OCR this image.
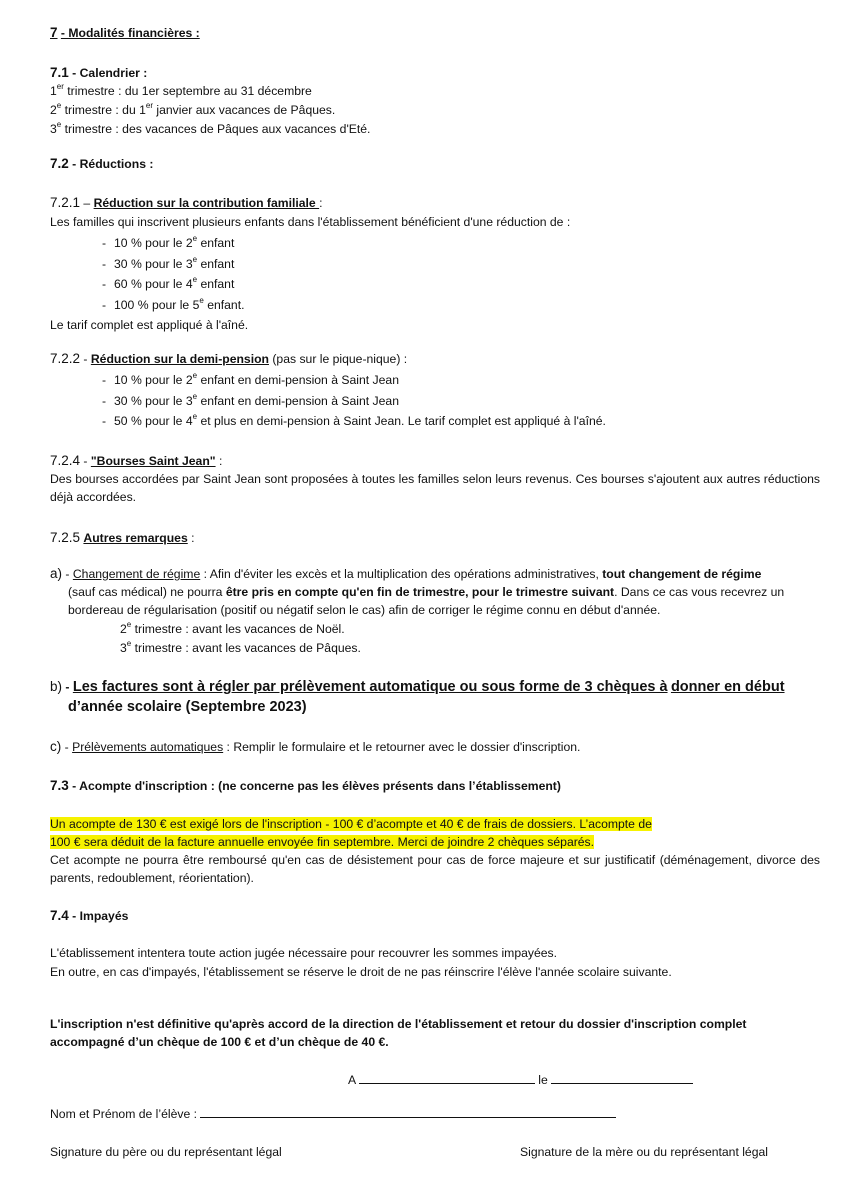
7 - Modalités financières :
7.1 - Calendrier :
1er trimestre : du 1er septembre au 31 décembre
2e trimestre : du 1er janvier aux vacances de Pâques.
3e trimestre : des vacances de Pâques aux vacances d'Eté.
7.2 - Réductions :
7.2.1 – Réduction sur la contribution familiale :
Les familles qui inscrivent plusieurs enfants dans l'établissement bénéficient d'une réduction de :
- 10 % pour le 2e enfant
- 30 % pour le 3e enfant
- 60 % pour le 4e enfant
- 100 % pour le 5e enfant.
Le tarif complet est appliqué à l'aîné.
7.2.2 - Réduction sur la demi-pension (pas sur le pique-nique) :
- 10 % pour le 2e enfant en demi-pension à Saint Jean
- 30 % pour le 3e enfant en demi-pension à Saint Jean
- 50 % pour le 4e et plus en demi-pension à Saint Jean. Le tarif complet est appliqué à l'aîné.
7.2.4 - "Bourses Saint Jean" :
Des bourses accordées par Saint Jean sont proposées à toutes les familles selon leurs revenus. Ces bourses s'ajoutent aux autres réductions déjà accordées.
7.2.5 Autres remarques :
a) - Changement de régime : Afin d'éviter les excès et la multiplication des opérations administratives, tout changement de régime
(sauf cas médical) ne pourra être pris en compte qu'en fin de trimestre, pour le trimestre suivant. Dans ce cas vous recevrez un
bordereau de régularisation (positif ou négatif selon le cas) afin de corriger le régime connu en début d'année.
2e trimestre : avant les vacances de Noël.
3e trimestre : avant les vacances de Pâques.
b) - Les factures sont à régler par prélèvement automatique ou sous forme de 3 chèques à donner en début
d’année scolaire (Septembre 2023)
c) - Prélèvements automatiques : Remplir le formulaire et le retourner avec le dossier d'inscription.
7.3 - Acompte d'inscription : (ne concerne pas les élèves présents dans l’établissement)
Un acompte de 130 € est exigé lors de l'inscription - 100 € d’acompte et 40 € de frais de dossiers. L’acompte de
100 € sera déduit de la facture annuelle envoyée fin septembre. Merci de joindre 2 chèques séparés.
Cet acompte ne pourra être remboursé qu'en cas de désistement pour cas de force majeure et sur justificatif (déménagement, divorce des parents, redoublement, réorientation).
7.4 - Impayés
L'établissement intentera toute action jugée nécessaire pour recouvrer les sommes impayées.
En outre, en cas d'impayés, l'établissement se réserve le droit de ne pas réinscrire l'élève l'année scolaire suivante.
L'inscription n'est définitive qu'après accord de la direction de l'établissement et retour du dossier d'inscription complet
accompagné d’un chèque de 100 € et d’un chèque de 40 €.
A	le
Nom et Prénom de l’élève :
Signature du père ou du représentant légal	Signature de la mère ou du représentant légal
